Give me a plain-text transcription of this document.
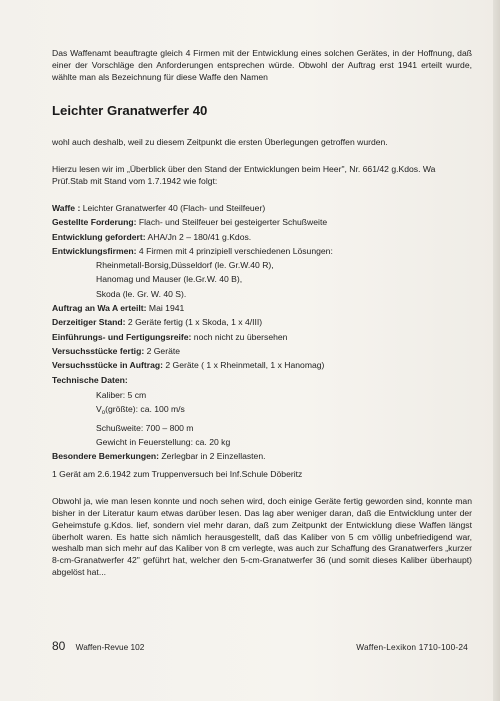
Das Waffenamt beauftragte gleich 4 Firmen mit der Entwicklung eines solchen Gerätes, in der Hoffnung, daß einer der Vorschläge den Anforderungen entsprechen würde. Obwohl der Auftrag erst 1941 erteilt wurde, wählte man als Bezeichnung für diese Waffe den Namen

Leichter Granatwerfer 40

wohl auch deshalb, weil zu diesem Zeitpunkt die ersten Überlegungen getroffen wurden.

Hierzu lesen wir im „Überblick über den Stand der Entwicklungen beim Heer", Nr. 661/42 g.Kdos. Wa Prüf.Stab mit Stand vom 1.7.1942 wie folgt:

Waffe : Leichter Granatwerfer 40 (Flach- und Steilfeuer)
Gestellte Forderung: Flach- und Steilfeuer bei gesteigerter Schußweite
Entwicklung gefordert: AHA/Jn 2 – 180/41 g.Kdos.
Entwicklungsfirmen: 4 Firmen mit 4 prinzipiell verschiedenen Lösungen:
Rheinmetall-Borsig,Düsseldorf (le. Gr.W.40 R),
Hanomag und Mauser (le.Gr.W. 40 B),
Skoda (le. Gr. W. 40 S).
Auftrag an Wa A erteilt: Mai 1941
Derzeitiger Stand: 2 Geräte fertig (1 x Skoda, 1 x 4/III)
Einführungs- und Fertigungsreife: noch nicht zu übersehen
Versuchsstücke fertig: 2 Geräte
Versuchsstücke in Auftrag: 2 Geräte ( 1 x Rheinmetall, 1 x Hanomag)
Technische Daten:
Kaliber: 5 cm
$V_o(größte)$: ca. 100 m/s
Schußweite: 700 – 800 m
Gewicht in Feuerstellung: ca. 20 kg
Besondere Bemerkungen: Zerlegbar in 2 Einzellasten.
1 Gerät am 2.6.1942 zum Truppenversuch bei Inf.Schule Döberitz

Obwohl ja, wie man lesen konnte und noch sehen wird, doch einige Geräte fertig geworden sind, konnte man bisher in der Literatur kaum etwas darüber lesen. Das lag aber weniger daran, daß die Entwicklung unter der Geheimstufe g.Kdos. lief, sondern viel mehr daran, daß zum Zeitpunkt der Entwicklung diese Waffen längst überholt waren. Es hatte sich nämlich herausgestellt, daß das Kaliber von 5 cm völlig unbefriedigend war, weshalb man sich mehr auf das Kaliber von 8 cm verlegte, was auch zur Schaffung des Granatwerfers „kurzer 8-cm-Granatwerfer 42" geführt hat, welcher den 5-cm-Granatwerfer 36 (und somit dieses Kaliber überhaupt) abgelöst hat...

80 Waffen-Revue 102	Waffen-Lexikon 1710-100-24
